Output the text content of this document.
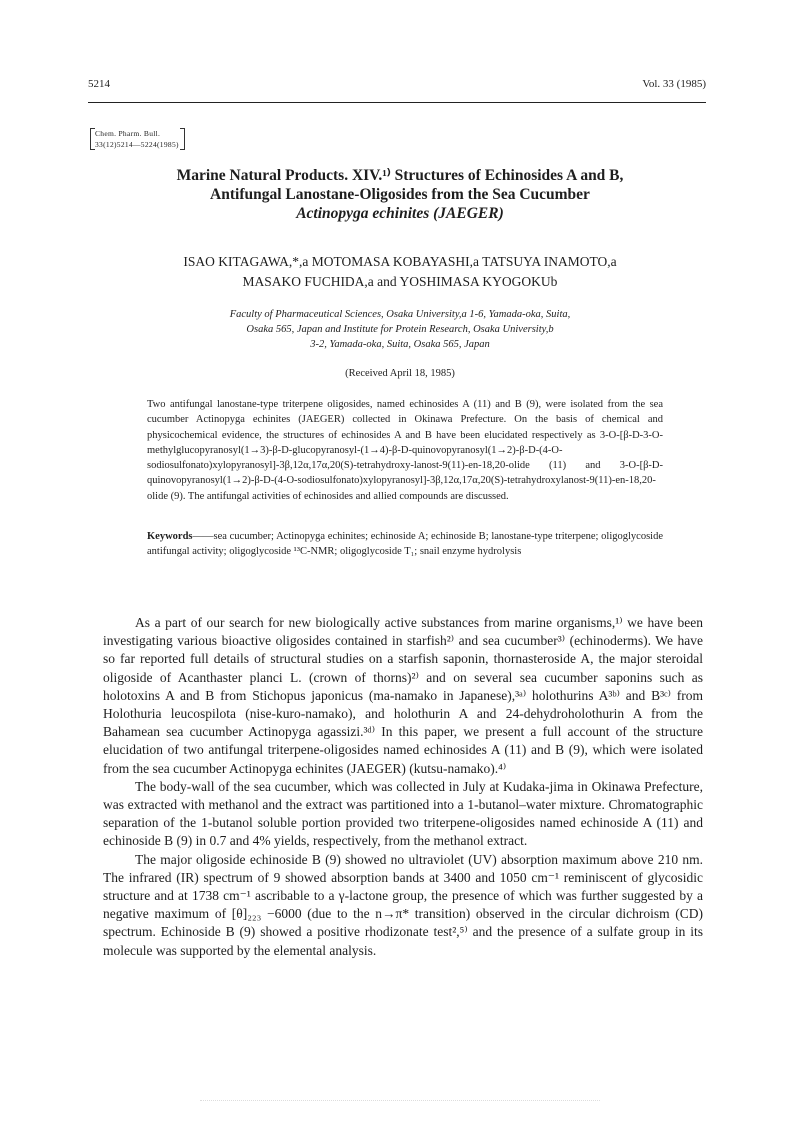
5214	Vol. 33 (1985)
Chem. Pharm. Bull.
33(12)5214—5224(1985)
Marine Natural Products. XIV.¹⁾ Structures of Echinosides A and B,
Antifungal Lanostane-Oligosides from the Sea Cucumber
Actinopyga echinites (JAEGER)
ISAO KITAGAWA,*,a MOTOMASA KOBAYASHI,a TATSUYA INAMOTO,a
MASAKO FUCHIDA,a and YOSHIMASA KYOGOKUb
Faculty of Pharmaceutical Sciences, Osaka University,a 1-6, Yamada-oka, Suita,
Osaka 565, Japan and Institute for Protein Research, Osaka University,b
3-2, Yamada-oka, Suita, Osaka 565, Japan
(Received April 18, 1985)
Two antifungal lanostane-type triterpene oligosides, named echinosides A (11) and B (9), were isolated from the sea cucumber Actinopyga echinites (JAEGER) collected in Okinawa Prefecture. On the basis of chemical and physicochemical evidence, the structures of echinosides A and B have been elucidated respectively as 3-O-[β-D-3-O-methylglucopyranosyl(1→3)-β-D-glucopyranosyl-(1→4)-β-D-quinovopyranosyl(1→2)-β-D-(4-O-sodiosulfonato)xylopyranosyl]-3β,12α,17α,20(S)-tetrahydroxy-lanost-9(11)-en-18,20-olide (11) and 3-O-[β-D-quinovopyranosyl(1→2)-β-D-(4-O-sodiosulfonato)xylopyranosyl]-3β,12α,17α,20(S)-tetrahydroxylanost-9(11)-en-18,20-olide (9). The antifungal activities of echinosides and allied compounds are discussed.
Keywords——sea cucumber; Actinopyga echinites; echinoside A; echinoside B; lanostane-type triterpene; oligoglycoside antifungal activity; oligoglycoside ¹³C-NMR; oligoglycoside T₁; snail enzyme hydrolysis

As a part of our search for new biologically active substances from marine organisms,¹⁾ we have been investigating various bioactive oligosides contained in starfish²⁾ and sea cucumber³⁾ (echinoderms). We have so far reported full details of structural studies on a starfish saponin, thornasteroside A, the major steroidal oligoside of Acanthaster planci L. (crown of thorns)²⁾ and on several sea cucumber saponins such as holotoxins A and B from Stichopus japonicus (ma-namako in Japanese),³ᵃ⁾ holothurins A³ᵇ⁾ and B³ᶜ⁾ from Holothuria leucospilota (nise-kuro-namako), and holothurin A and 24-dehydroholothurin A from the Bahamean sea cucumber Actinopyga agassizi.³ᵈ⁾ In this paper, we present a full account of the structure elucidation of two antifungal triterpene-oligosides named echinosides A (11) and B (9), which were isolated from the sea cucumber Actinopyga echinites (JAEGER) (kutsu-namako).⁴⁾

The body-wall of the sea cucumber, which was collected in July at Kudaka-jima in Okinawa Prefecture, was extracted with methanol and the extract was partitioned into a 1-butanol–water mixture. Chromatographic separation of the 1-butanol soluble portion provided two triterpene-oligosides named echinoside A (11) and echinoside B (9) in 0.7 and 4% yields, respectively, from the methanol extract.

The major oligoside echinoside B (9) showed no ultraviolet (UV) absorption maximum above 210 nm. The infrared (IR) spectrum of 9 showed absorption bands at 3400 and 1050 cm⁻¹ reminiscent of glycosidic structure and at 1738 cm⁻¹ ascribable to a γ-lactone group, the presence of which was further suggested by a negative maximum of [θ]₂₂₃ −6000 (due to the n→π* transition) observed in the circular dichroism (CD) spectrum. Echinoside B (9) showed a positive rhodizonate test²,⁵⁾ and the presence of a sulfate group in its molecule was supported by the elemental analysis.
